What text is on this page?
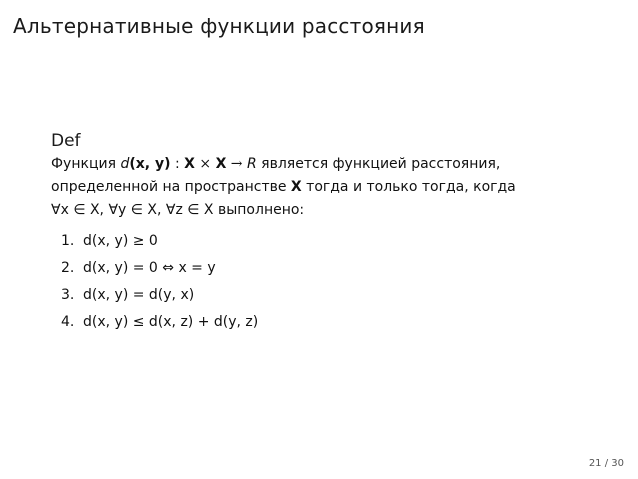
Альтернативные функции расстояния
Def
Функция d(x, y) : X × X → R является функцией расстояния,
определенной на пространстве X тогда и только тогда, когда
∀x ∈ X, ∀y ∈ X, ∀z ∈ X выполнено:
1. d(x, y) ≥ 0
2. d(x, y) = 0 ⇔ x = y
3. d(x, y) = d(y, x)
4. d(x, y) ≤ d(x, z) + d(y, z)
21 / 30
